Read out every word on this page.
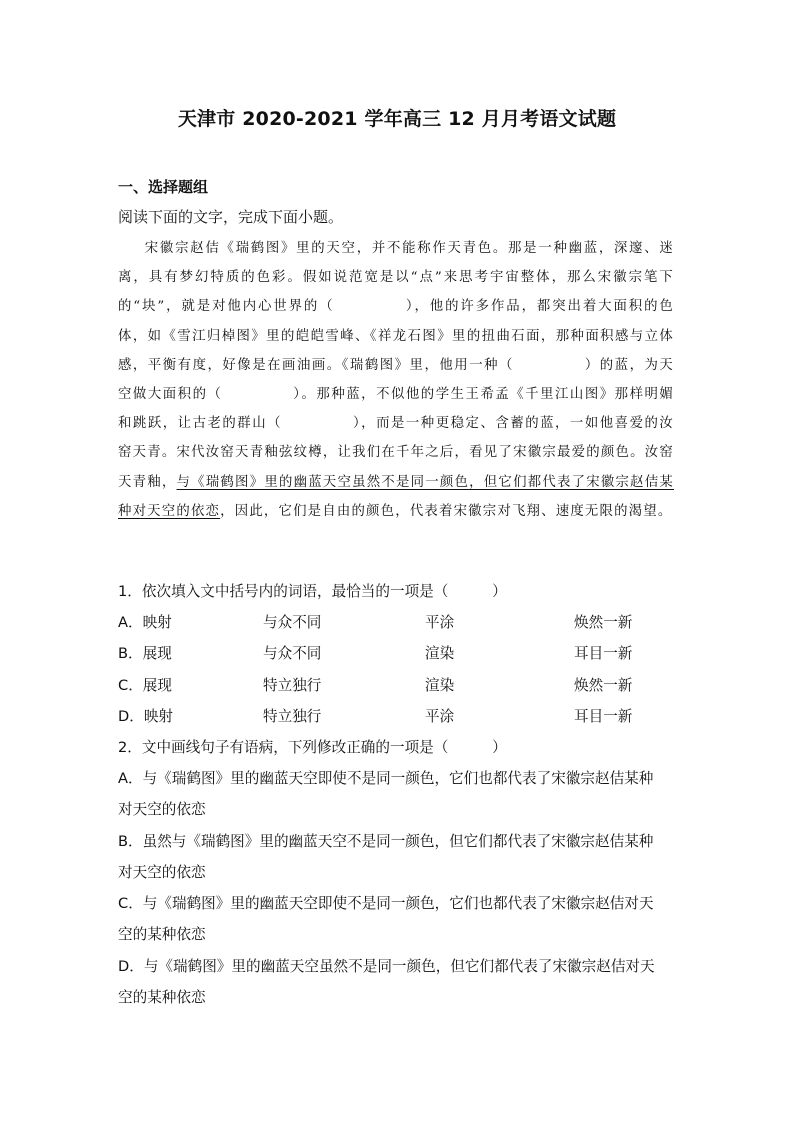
天津市 2020-2021 学年高三 12 月月考语文试题
一、选择题组
阅读下面的文字，完成下面小题。

宋徽宗赵佶《瑞鹤图》里的天空，并不能称作天青色。那是一种幽蓝，深邃、迷离，具有梦幻特质的色彩。假如说范宽是以“点”来思考宇宙整体，那么宋徽宗笔下的“块”，就是对他内心世界的（　　　	），他的许多作品，都突出着大面积的色体，如《雪江归棹图》里的皑皑雪峰、《祥龙石图》里的扭曲石面，那种面积感与立体感，平衡有度，好像是在画油画。《瑞鹤图》里，他用一种（　　　	）的蓝，为天空做大面积的（　　　	）。那种蓝，不似他的学生王希孟《千里江山图》那样明媚和跳跃，让古老的群山（　　　	），而是一种更稳定、含蓄的蓝，一如他喜爱的汝窑天青。宋代汝窑天青釉弦纹樽，让我们在千年之后，看见了宋徽宗最爱的颜色。汝窑天青釉，与《瑞鹤图》里的幽蓝天空虽然不是同一颜色，但它们都代表了宋徽宗赵佶某种对天空的依恋，因此，它们是自由的颜色，代表着宋徽宗对飞翔、速度无限的渴望。

1．依次填入文中括号内的词语，最恰当的一项是（　　　）
A．映射	与众不同	平涂	焕然一新
B．展现	与众不同	渲染	耳目一新
C．展现	特立独行	渲染	焕然一新
D．映射	特立独行	平涂	耳目一新
2．文中画线句子有语病，下列修改正确的一项是（　　　）
A．与《瑞鹤图》里的幽蓝天空即使不是同一颜色，它们也都代表了宋徽宗赵佶某种
对天空的依恋
B．虽然与《瑞鹤图》里的幽蓝天空不是同一颜色，但它们都代表了宋徽宗赵佶某种
对天空的依恋
C．与《瑞鹤图》里的幽蓝天空即使不是同一颜色，它们也都代表了宋徽宗赵佶对天
空的某种依恋
D．与《瑞鹤图》里的幽蓝天空虽然不是同一颜色，但它们都代表了宋徽宗赵佶对天
空的某种依恋
